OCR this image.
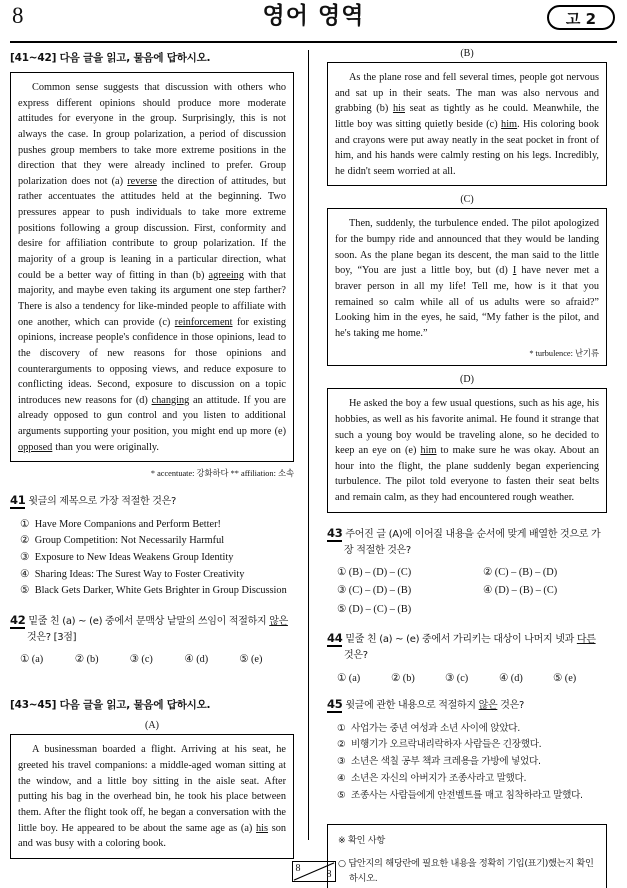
8	영어 영역	고 2
[41~42] 다음 글을 읽고, 물음에 답하시오.

Common sense suggests that discussion with others who express different opinions should produce more moderate attitudes for everyone in the group. Surprisingly, this is not always the case. In group polarization, a period of discussion pushes group members to take more extreme positions in the direction that they were already inclined to prefer. Group polarization does not (a) reverse the direction of attitudes, but rather accentuates the attitudes held at the beginning. Two pressures appear to push individuals to take more extreme positions following a group discussion. First, conformity and desire for affiliation contribute to group polarization. If the majority of a group is leaning in a particular direction, what could be a better way of fitting in than (b) agreeing with that majority, and maybe even taking its argument one step farther? There is also a tendency for like-minded people to affiliate with one another, which can provide (c) reinforcement for existing opinions, increase people's confidence in those opinions, lead to the discovery of new reasons for those opinions and counterarguments to opposing views, and reduce exposure to conflicting ideas. Second, exposure to discussion on a topic introduces new reasons for (d) changing an attitude. If you are already opposed to gun control and you listen to additional arguments supporting your position, you might end up more (e) opposed than you were originally.

* accentuate: 강화하다 ** affiliation: 소속
41 윗글의 제목으로 가장 적절한 것은?
① Have More Companions and Perform Better!
② Group Competition: Not Necessarily Harmful
③ Exposure to New Ideas Weakens Group Identity
④ Sharing Ideas: The Surest Way to Foster Creativity
⑤ Black Gets Darker, White Gets Brighter in Group Discussion
42 밑줄 친 (a) ~ (e) 중에서 문맥상 낱말의 쓰임이 적절하지 않은 것은? [3점]
① (a)	② (b)	③ (c)	④ (d)	⑤ (e)
[43~45] 다음 글을 읽고, 물음에 답하시오.
(A)

A businessman boarded a flight. Arriving at his seat, he greeted his travel companions: a middle-aged woman sitting at the window, and a little boy sitting in the aisle seat. After putting his bag in the overhead bin, he took his place between them. After the flight took off, he began a conversation with the little boy. He appeared to be about the same age as (a) his son and was busy with a coloring book.

(B)

As the plane rose and fell several times, people got nervous and sat up in their seats. The man was also nervous and grabbing (b) his seat as tightly as he could. Meanwhile, the little boy was sitting quietly beside (c) him. His coloring book and crayons were put away neatly in the seat pocket in front of him, and his hands were calmly resting on his legs. Incredibly, he didn't seem worried at all.

(C)

Then, suddenly, the turbulence ended. The pilot apologized for the bumpy ride and announced that they would be landing soon. As the plane began its descent, the man said to the little boy, “You are just a little boy, but (d) I have never met a braver person in all my life! Tell me, how is it that you remained so calm while all of us adults were so afraid?” Looking him in the eyes, he said, “My father is the pilot, and he's taking me home.”

* turbulence: 난기류
(D)

He asked the boy a few usual questions, such as his age, his hobbies, as well as his favorite animal. He found it strange that such a young boy would be traveling alone, so he decided to keep an eye on (e) him to make sure he was okay. About an hour into the flight, the plane suddenly began experiencing turbulence. The pilot told everyone to fasten their seat belts and remain calm, as they had encountered rough weather.

43 주어진 글 (A)에 이어질 내용을 순서에 맞게 배열한 것으로 가장 적절한 것은?
① (B) – (D) – (C)	② (C) – (B) – (D)
③ (C) – (D) – (B)	④ (D) – (B) – (C)
⑤ (D) – (C) – (B)
44 밑줄 친 (a) ~ (e) 중에서 가리키는 대상이 나머지 넷과 다른 것은?
① (a)	② (b)	③ (c)	④ (d)	⑤ (e)
45 윗글에 관한 내용으로 적절하지 않은 것은?
① 사업가는 중년 여성과 소년 사이에 앉았다.
② 비행기가 오르락내리락하자 사람들은 긴장했다.
③ 소년은 색칠 공부 책과 크레용을 가방에 넣었다.
④ 소년은 자신의 아버지가 조종사라고 말했다.
⑤ 조종사는 사람들에게 안전벨트를 매고 침착하라고 말했다.
※ 확인 사항
○ 답안지의 해당란에 필요한 내용을 정확히 기입(표기)했는지 확인하시오.
8
8
